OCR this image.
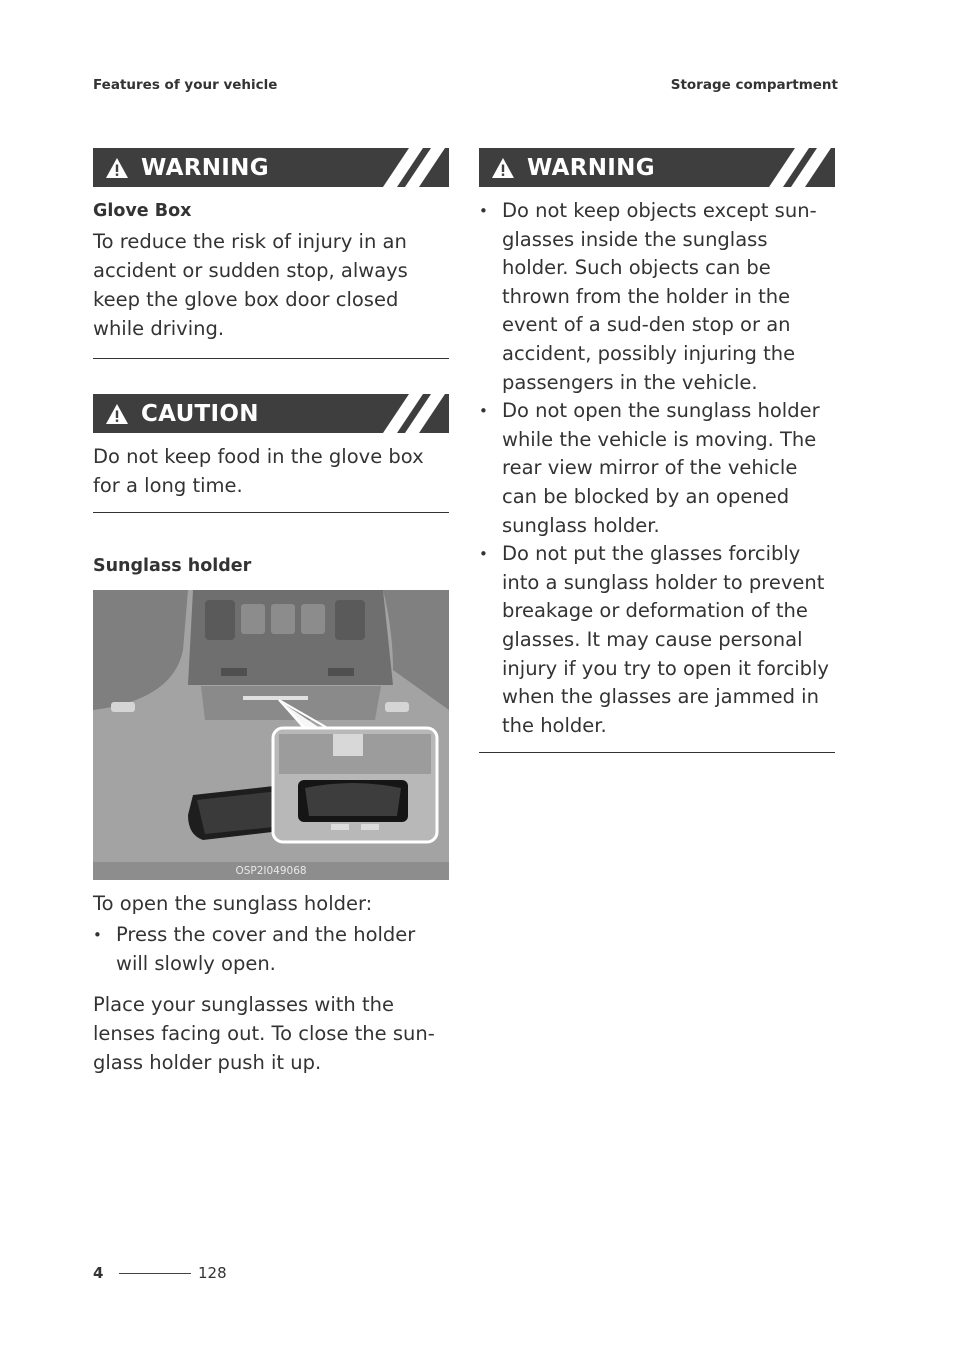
Features of your vehicle	Storage compartment
WARNING

Glove Box

To reduce the risk of injury in an accident or sudden stop, always keep the glove box door closed while driving.

CAUTION

Do not keep food in the glove box for a long time.

Sunglass holder

OSP2I049068

To open the sunglass holder:

• Press the cover and the holder will slowly open.

Place your sunglasses with the lenses facing out. To close the sun‐glass holder push it up.

WARNING
• Do not keep objects except sun‐glasses inside the sunglass holder. Such objects can be thrown from the holder in the event of a sud‐den stop or an accident, possibly injuring the passengers in the vehicle.
• Do not open the sunglass holder while the vehicle is moving. The rear view mirror of the vehicle can be blocked by an opened sunglass holder.
• Do not put the glasses forcibly into a sunglass holder to prevent breakage or deformation of the glasses. It may cause personal injury if you try to open it forcibly when the glasses are jammed in the holder.
4	128
